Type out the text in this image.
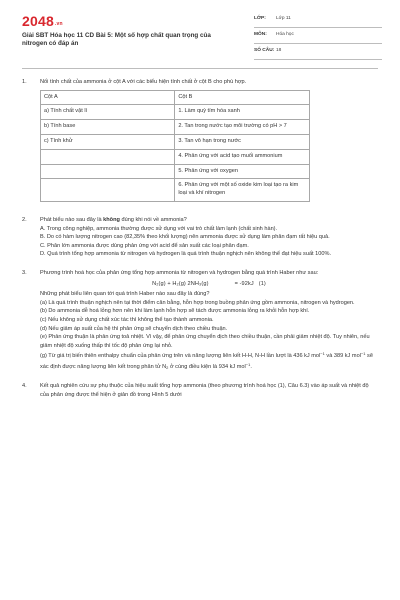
2048.vn
Giải SBT Hóa học 11 CD Bài 5: Một số hợp chất quan trọng của nitrogen có đáp án
LỚP: Lớp 11
MÔN: Hóa học
SỐ CÂU: 18
1. Nối tính chất của ammonia ở cột A với các biểu hiện tính chất ở cột B cho phù hợp.

Cột A	Cột B
a) Tính chất vật lí	1. Làm quỳ tím hóa xanh
b) Tính base	2. Tan trong nước tạo môi trường có pH > 7
c) Tính khử	3. Tan vô hạn trong nước
	4. Phản ứng với acid tạo muối ammonium
	5. Phản ứng với oxygen
	6. Phản ứng với một số oxide kim loại tạo ra kim loại và khí nitrogen
2. Phát biểu nào sau đây là không đúng khi nói về ammonia?

A. Trong công nghiệp, ammonia thường được sử dụng với vai trò chất làm lạnh (chất sinh hàn).

B. Do có hàm lượng nitrogen cao (82,35% theo khối lượng) nên ammonia được sử dụng làm phân đạm rất hiệu quả.

C. Phân lớn ammonia được dùng phản ứng với acid để sản xuất các loại phân đạm.

D. Quá trình tổng hợp ammonia từ nitrogen và hydrogen là quá trình thuận nghịch nên không thể đạt hiệu suất 100%.

3. Phương trình hoá học của phản ứng tổng hợp ammonia từ nitrogen và hydrogen bằng quá trình Haber như sau:

N₂(g) + H₂(g) 2NH₃(g)	= -92kJ (1)

Những phát biểu liên quan tới quá trình Haber nào sau đây là đúng?

(a) Là quá trình thuận nghịch nên tại thời điểm cân bằng, hỗn hợp trong buồng phản ứng gồm ammonia, nitrogen và hydrogen.

(b) Do ammonia dễ hoá lỏng hơn nên khi làm lạnh hỗn hợp sẽ tách được ammonia lỏng ra khỏi hỗn hợp khí.

(c) Nếu không sử dụng chất xúc tác thì không thể tạo thành ammonia.

(d) Nếu giảm áp suất của hệ thì phản ứng sẽ chuyển dịch theo chiều thuận.

(e) Phản ứng thuận là phản ứng toả nhiệt. Vì vậy, để phản ứng chuyển dịch theo chiều thuận, cần phải giảm nhiệt độ. Tuy nhiên, nếu giảm nhiệt độ xuống thấp thì tốc độ phản ứng lại nhỏ.

(g) Từ giá trị biến thiên enthalpy chuẩn của phản ứng trên và năng lượng liên kết H-H, N-H lần lượt là 436 kJ mol$^{-1}$ và 389 kJ mol$^{-1}$ sẽ xác định được năng lượng liên kết trong phân tử $N_2$ ở cùng điều kiện là 934 kJ mol$^{-1}$.

4. Kết quả nghiên cứu sự phụ thuộc của hiệu suất tổng hợp ammonia (theo phương trình hoá học (1), Câu 6.3) vào áp suất và nhiệt độ của phản ứng được thể hiện ở giản đồ trong Hình 5 dưới
